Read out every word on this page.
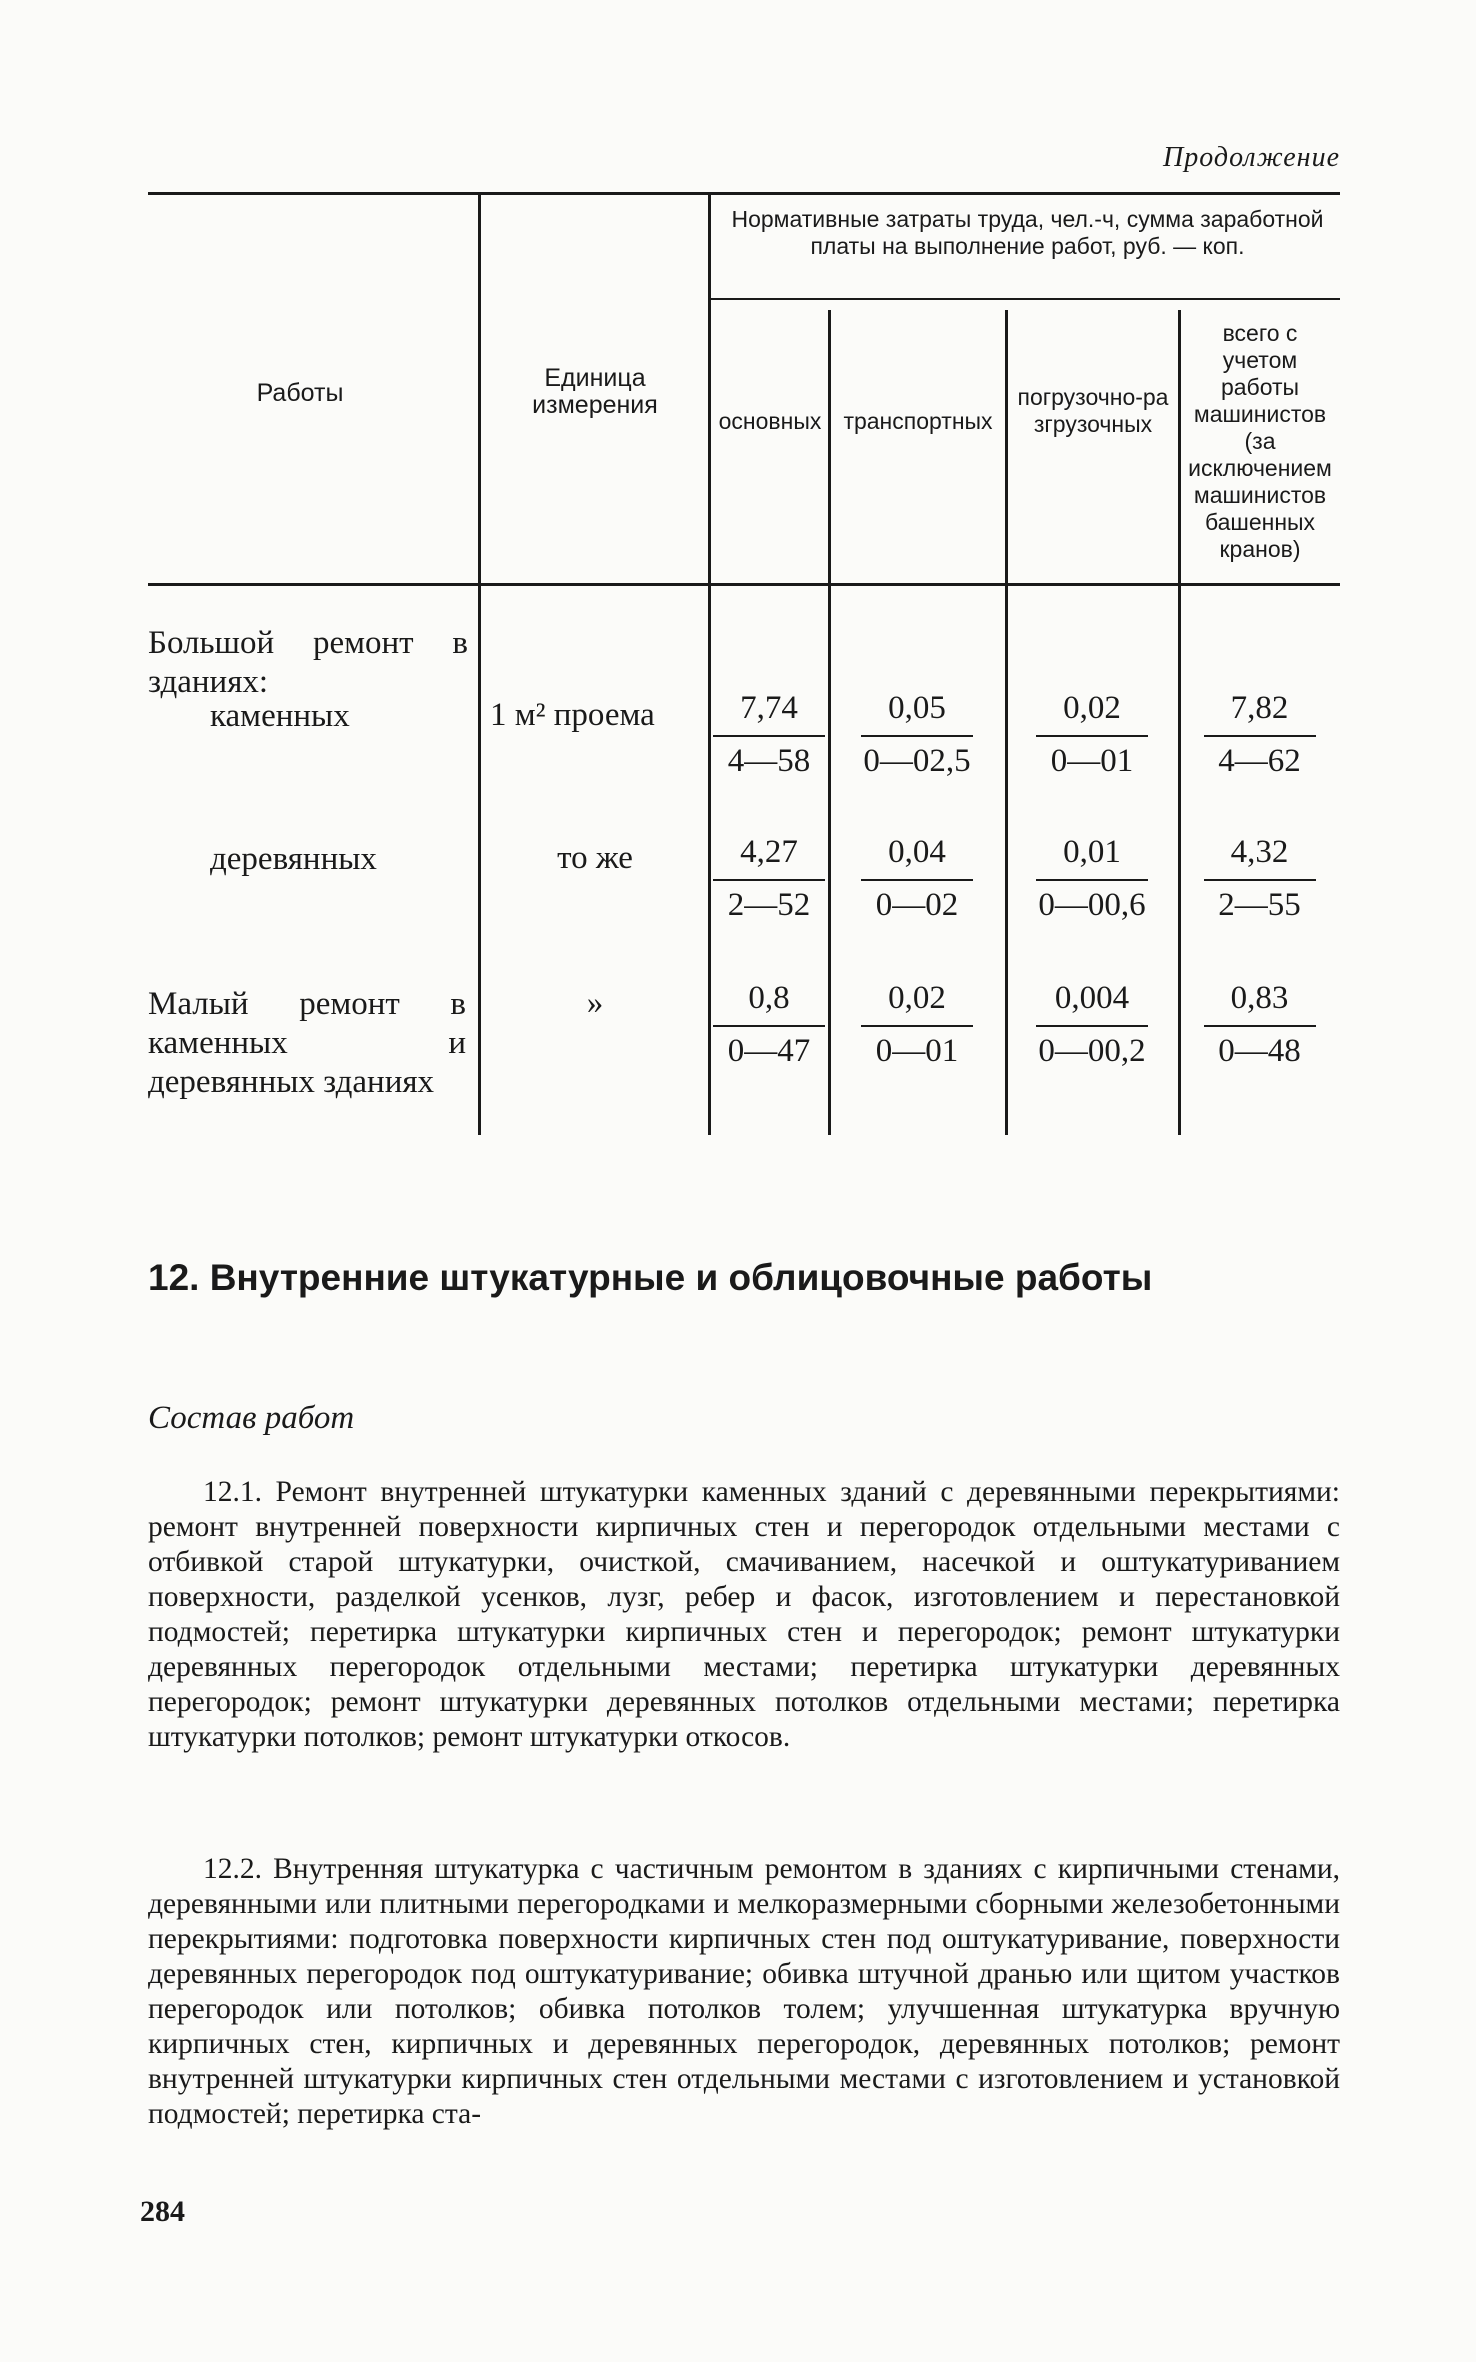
Продолжение
Работы
Единица измерения
Нормативные затраты труда, чел.-ч, сумма заработной платы на выполнение работ, руб. — коп.
основных транспортных
погрузочно-разгрузочных
всего с учетом работы машинистов (за исключением машинистов башенных кранов)
Большой ремонт в зданиях:
каменных	1 м² проема
деревянных	то же
Малый ремонт в каменных и деревянных зданиях
»
7,74
4—58
0,05
0—02,5
0,02
0—01
7,82
4—62
4,27
2—52
0,04
0—02
0,01
0—00,6
4,32
2—55
0,8
0—47
0,02
0—01
0,004
0—00,2
0,83
0—48
12. Внутренние штукатурные и облицовочные работы
Состав работ
12.1. Ремонт внутренней штукатурки каменных зданий с деревянными перекрытиями: ремонт внутренней поверхности кирпичных стен и перегородок отдельными местами с отбивкой старой штукатурки, очисткой, смачиванием, насечкой и оштукатуриванием поверхности, разделкой усенков, лузг, ребер и фасок, изготовлением и перестановкой подмостей; перетирка штукатурки кирпичных стен и перегородок; ремонт штукатурки деревянных перегородок отдельными местами; перетирка штукатурки деревянных перегородок; ремонт штукатурки деревянных потолков отдельными местами; перетирка штукатурки потолков; ремонт штукатурки откосов.
12.2. Внутренняя штукатурка с частичным ремонтом в зданиях с кирпичными стенами, деревянными или плитными перегородками и мелкоразмерными сборными железобетонными перекрытиями: подготовка поверхности кирпичных стен под оштукатуривание, поверхности деревянных перегородок под оштукатуривание; обивка штучной дранью или щитом участков перегородок или потолков; обивка потолков толем; улучшенная штукатурка вручную кирпичных стен, кирпичных и деревянных перегородок, деревянных потолков; ремонт внутренней штукатурки кирпичных стен отдельными местами с изготовлением и установкой подмостей; перетирка ста-
284
